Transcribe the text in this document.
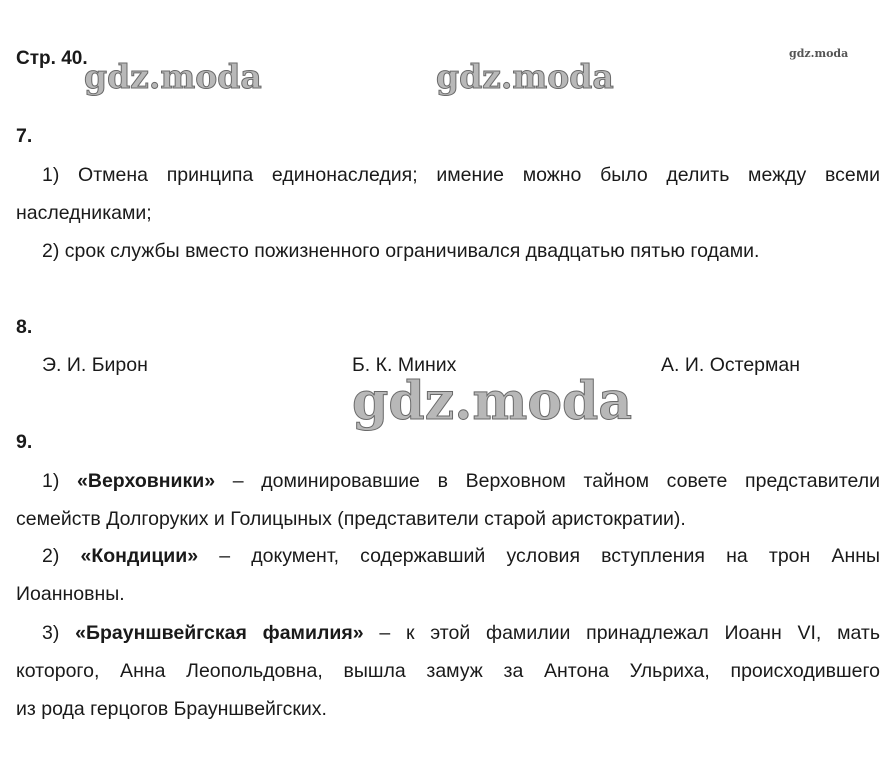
Стр. 40.
gdz.moda	gdz.moda
gdz.moda
gdz.moda
7.
1) Отмена принципа единонаследия; имение можно было делить между всеми
наследниками;
2) срок службы вместо пожизненного ограничивался двадцатью пятью годами.
8.
Э. И. Бирон	Б. К. Миних	А. И. Остерман
9.
1) «Верховники» – доминировавшие в Верховном тайном совете представители
семейств Долгоруких и Голицыных (представители старой аристократии).
2) «Кондиции» – документ, содержавший условия вступления на трон Анны
Иоанновны.
3) «Брауншвейгская фамилия» – к этой фамилии принадлежал Иоанн VI, мать
которого, Анна Леопольдовна, вышла замуж за Антона Ульриха, происходившего
из рода герцогов Брауншвейгских.
